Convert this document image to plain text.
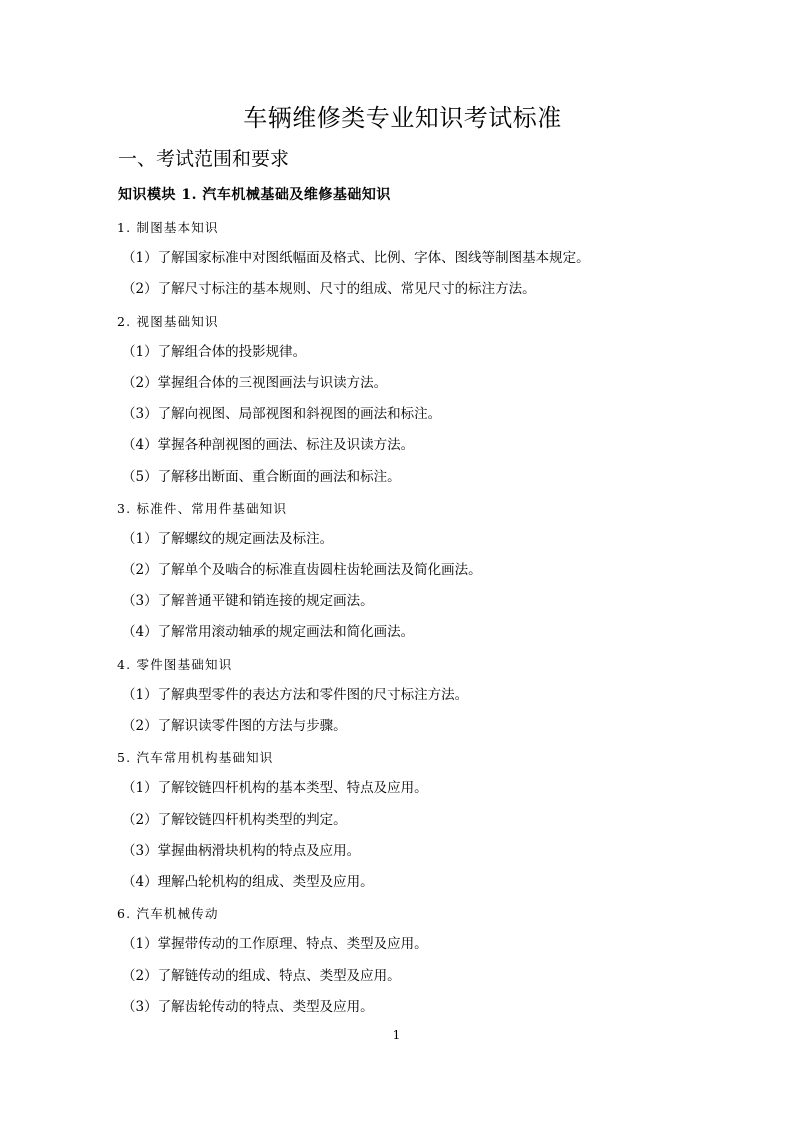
车辆维修类专业知识考试标准
一、考试范围和要求
知识模块 1. 汽车机械基础及维修基础知识
1. 制图基本知识
（1）了解国家标准中对图纸幅面及格式、比例、字体、图线等制图基本规定。
（2）了解尺寸标注的基本规则、尺寸的组成、常见尺寸的标注方法。
2. 视图基础知识
（1）了解组合体的投影规律。
（2）掌握组合体的三视图画法与识读方法。
（3）了解向视图、局部视图和斜视图的画法和标注。
（4）掌握各种剖视图的画法、标注及识读方法。
（5）了解移出断面、重合断面的画法和标注。
3. 标准件、常用件基础知识
（1）了解螺纹的规定画法及标注。
（2）了解单个及啮合的标准直齿圆柱齿轮画法及简化画法。
（3）了解普通平键和销连接的规定画法。
（4）了解常用滚动轴承的规定画法和简化画法。
4. 零件图基础知识
（1）了解典型零件的表达方法和零件图的尺寸标注方法。
（2）了解识读零件图的方法与步骤。
5. 汽车常用机构基础知识
（1）了解铰链四杆机构的基本类型、特点及应用。
（2）了解铰链四杆机构类型的判定。
（3）掌握曲柄滑块机构的特点及应用。
（4）理解凸轮机构的组成、类型及应用。
6. 汽车机械传动
（1）掌握带传动的工作原理、特点、类型及应用。
（2）了解链传动的组成、特点、类型及应用。
（3）了解齿轮传动的特点、类型及应用。
1
